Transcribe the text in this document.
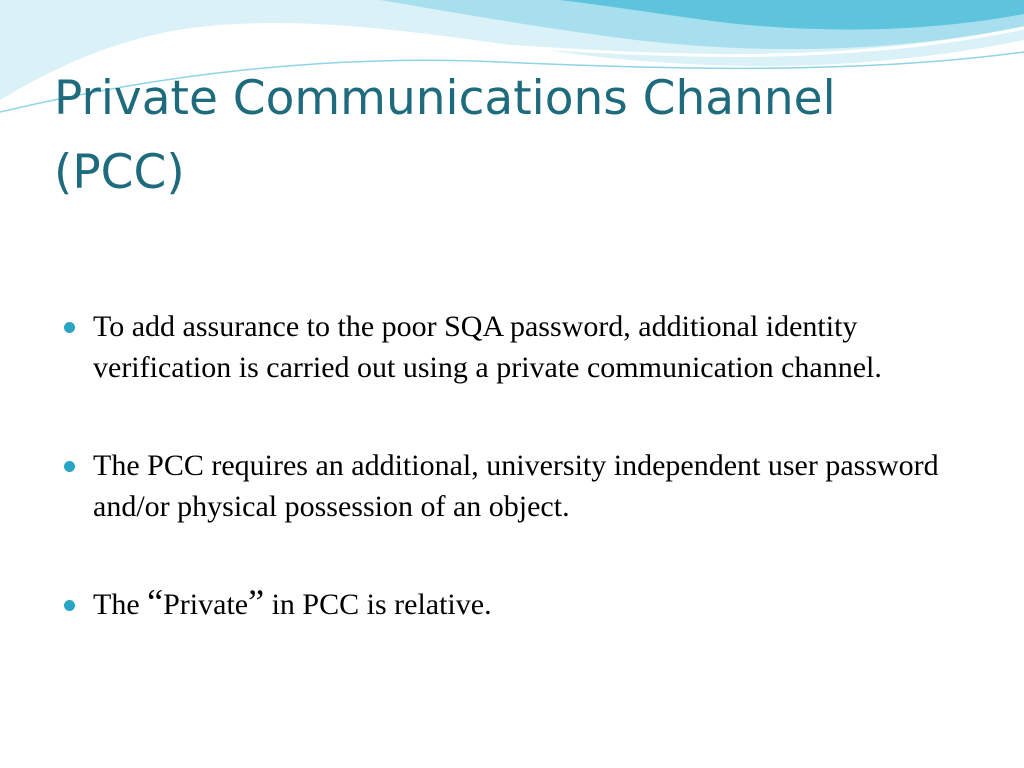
Private Communications Channel
(PCC)
To add assurance to the poor SQA password, additional identity verification is carried out using a private communication channel.
The PCC requires an additional, university independent user password and/or physical possession of an object.
The “Private” in PCC is relative.
